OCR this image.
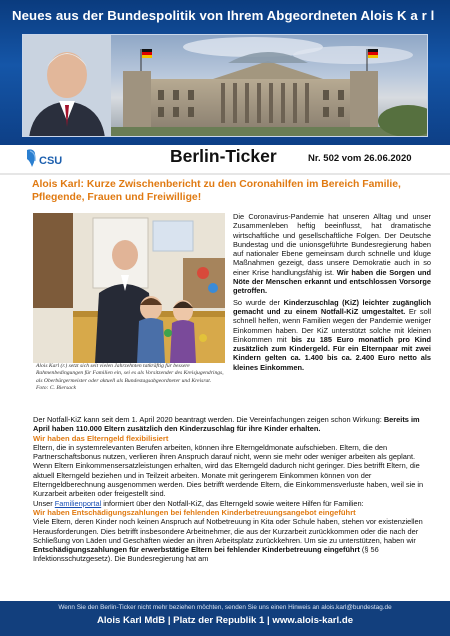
Neues aus der Bundespolitik von Ihrem Abgeordneten Alois K a r l
CSU	Berlin-Ticker	Nr. 502 vom 26.06.2020
Alois Karl: Kurze Zwischenbericht zu den Coronahilfen im Bereich Familie, Pflegende, Frauen und Freiwillige!
Alois Karl (r.) setzt sich seit vielen Jahrzehnten tatkräftig für bessere Rahmenbedingungen für Familien ein, sei es als Vorsitzender des Kreisjugendrings, als Oberbürgermeister oder aktuell als Bundestagsabgeordneter und Kreisrat. Foto: C. Biersack

Die Coronavirus-Pandemie hat unseren Alltag und unser Zusammenleben heftig beeinflusst, hat dramatische wirtschaftliche und gesellschaftliche Folgen. Der Deutsche Bundestag und die unionsgeführte Bundesregierung haben auf nationaler Ebene gemeinsam durch schnelle und kluge Maßnahmen gezeigt, dass unsere Demokratie auch in so einer Krise handlungsfähig ist. Wir haben die Sorgen und Nöte der Menschen erkannt und entschlossen Vorsorge getroffen.

So wurde der Kinderzuschlag (KiZ) leichter zugänglich gemacht und zu einem Notfall-KiZ umgestaltet. Er soll schnell helfen, wenn Familien wegen der Pandemie weniger Einkommen haben. Der KiZ unterstützt solche mit kleinen Einkommen mit bis zu 185 Euro monatlich pro Kind zusätzlich zum Kindergeld. Für ein Elternpaar mit zwei Kindern gelten ca. 1.400 bis ca. 2.400 Euro netto als kleines Einkommen.

Der Notfall-KiZ kann seit dem 1. April 2020 beantragt werden. Die Vereinfachungen zeigen schon Wirkung: Bereits im April haben 110.000 Eltern zusätzlich den Kinderzuschlag für ihre Kinder erhalten.

Wir haben das Elterngeld flexibilisiert

Eltern, die in systemrelevanten Berufen arbeiten, können ihre Elterngeldmonate aufschieben. Eltern, die den Partnerschaftsbonus nutzen, verlieren ihren Anspruch darauf nicht, wenn sie mehr oder weniger arbeiten als geplant. Wenn Eltern Einkommensersatzleistungen erhalten, wird das Elterngeld dadurch nicht geringer. Dies betrifft Eltern, die aktuell Elterngeld beziehen und in Teilzeit arbeiten. Monate mit geringerem Einkommen können von der Elterngeldberechnung ausgenommen werden. Dies betrifft werdende Eltern, die Einkommensverluste haben, weil sie in Kurzarbeit arbeiten oder freigestellt sind.

Unser Familienportal informiert über den Notfall-KiZ, das Elterngeld sowie weitere Hilfen für Familien:

Wir haben Entschädigungszahlungen bei fehlenden Kinderbetreuungsangebot eingeführt

Viele Eltern, deren Kinder noch keinen Anspruch auf Notbetreuung in Kita oder Schule haben, stehen vor existenziellen Herausforderungen. Dies betrifft insbesondere Arbeitnehmer, die aus der Kurzarbeit zurückkommen oder die nach der Schließung von Läden und Geschäften wieder an ihren Arbeitsplatz zurückkehren. Um sie zu unterstützen, haben wir Entschädigungszahlungen für erwerbstätige Eltern bei fehlender Kinderbetreuung eingeführt (§ 56 Infektionsschutzgesetz). Die Bundesregierung hat am

Wenn Sie den Berlin-Ticker nicht mehr beziehen möchten, senden Sie uns einen Hinweis an alois.karl@bundestag.de
Alois Karl MdB | Platz der Republik 1 | www.alois-karl.de
